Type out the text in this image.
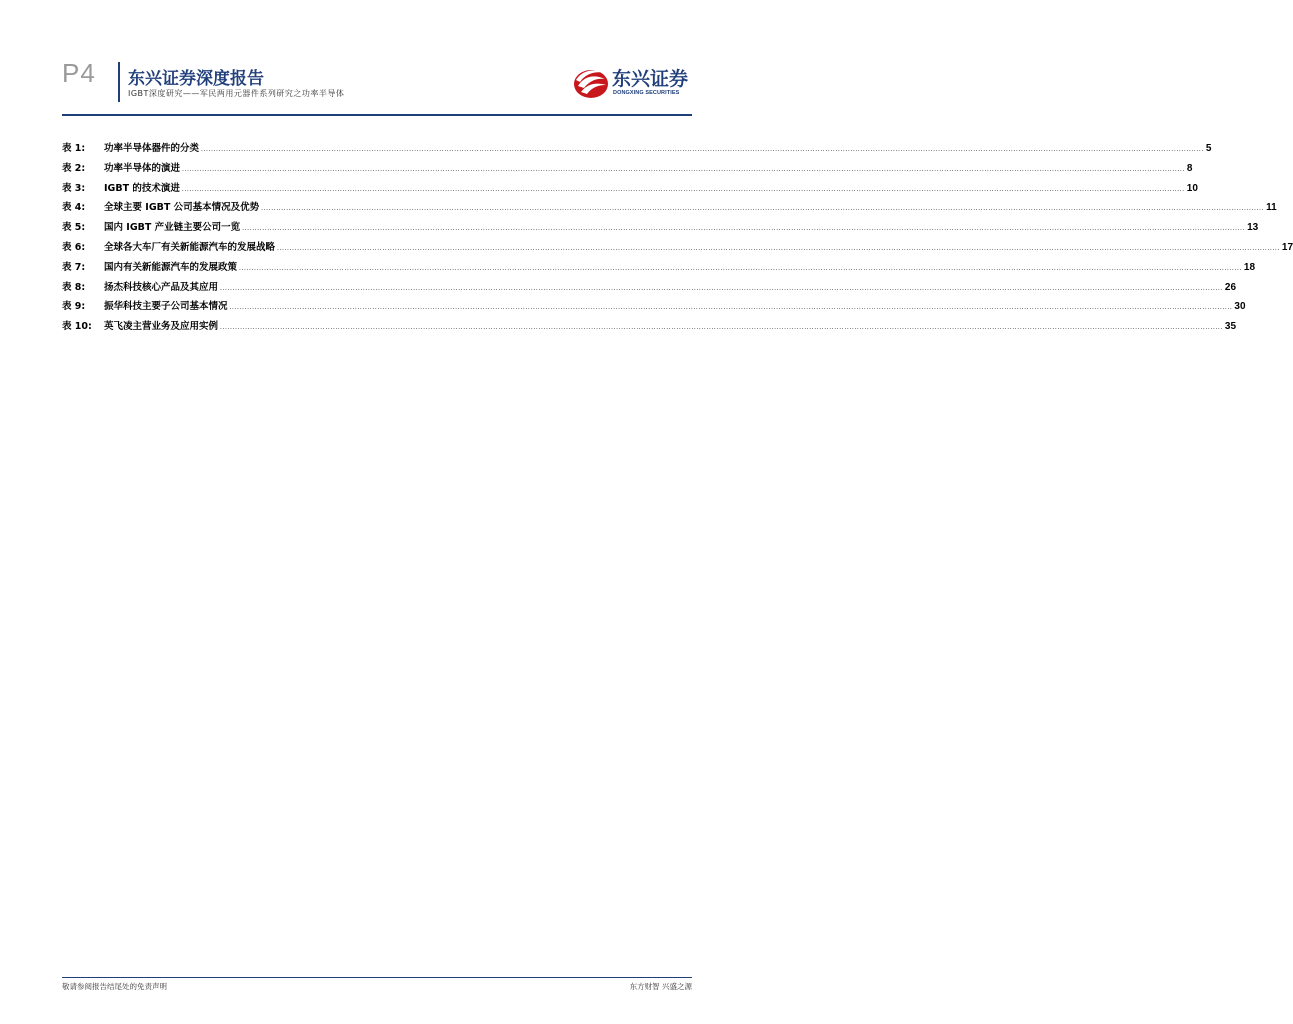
P4 东兴证券深度报告
IGBT深度研究——军民两用元器件系列研究之功率半导体
东兴证券
DONGXING SECURITIES
表 1:	功率半导体器件的分类 ................................................................................................................................................................................................................................................................................................................................................................................................................ 5
表 2:	功率半导体的演进 ................................................................................................................................................................................................................................................................................................................................................................................................................ 8
表 3:	IGBT 的技术演进 ................................................................................................................................................................................................................................................................................................................................................................................................................ 10
表 4:	全球主要 IGBT 公司基本情况及优势 ................................................................................................................................................................................................................................................................................................................................................................................................................ 11
表 5:	国内 IGBT 产业链主要公司一览 ................................................................................................................................................................................................................................................................................................................................................................................................................ 13
表 6:	全球各大车厂有关新能源汽车的发展战略 ................................................................................................................................................................................................................................................................................................................................................................................................................ 17
表 7:	国内有关新能源汽车的发展政策 ................................................................................................................................................................................................................................................................................................................................................................................................................ 18
表 8:	扬杰科技核心产品及其应用 ................................................................................................................................................................................................................................................................................................................................................................................................................ 26
表 9:	振华科技主要子公司基本情况 ................................................................................................................................................................................................................................................................................................................................................................................................................ 30
表 10:	英飞凌主营业务及应用实例 ................................................................................................................................................................................................................................................................................................................................................................................................................ 35
敬请参阅报告结尾处的免责声明	东方财智 兴盛之源
